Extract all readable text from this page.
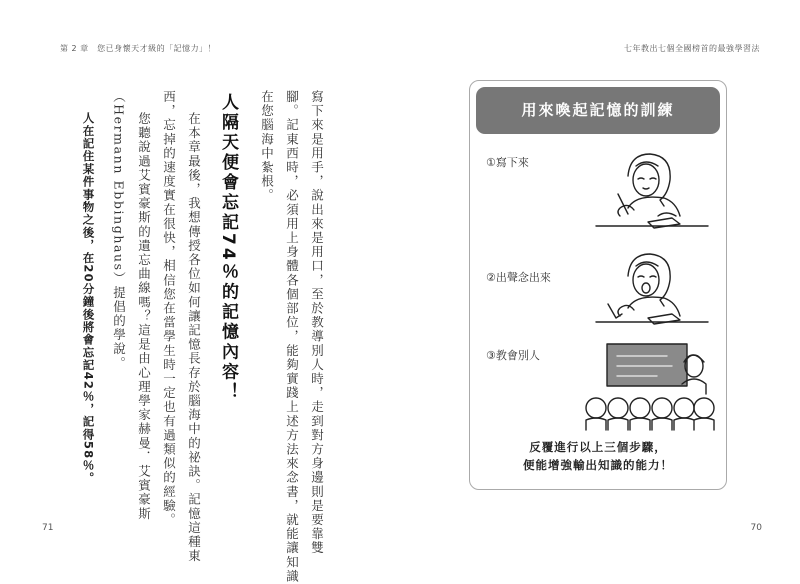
第 2 章　您已身懷天才級的「記憶力」！	七年教出七個全國榜首的最強學習法
寫下來是用手，說出來是用口，至於教導別人時，走到對方身邊則是要靠雙
腳。記東西時，必須用上身體各個部位，能夠實踐上述方法來念書，就能讓知識
在您腦海中紮根。
人隔天便會忘記74％的記憶內容！
在本章最後，我想傳授各位如何讓記憶長存於腦海中的祕訣。記憶這種東
西，忘掉的速度實在很快，相信您在當學生時一定也有過類似的經驗。
您聽說過艾賓豪斯的遺忘曲線嗎？這是由心理學家赫曼．艾賓豪斯
（Hermann Ebbinghaus）提倡的學說。
人在記住某件事物之後，在20分鐘後將會忘記42％，記得58％。
71	70
用來喚起記憶的訓練
①寫下來
②出聲念出來
③教會別人
反覆進行以上三個步驟，
便能增強輸出知識的能力！
